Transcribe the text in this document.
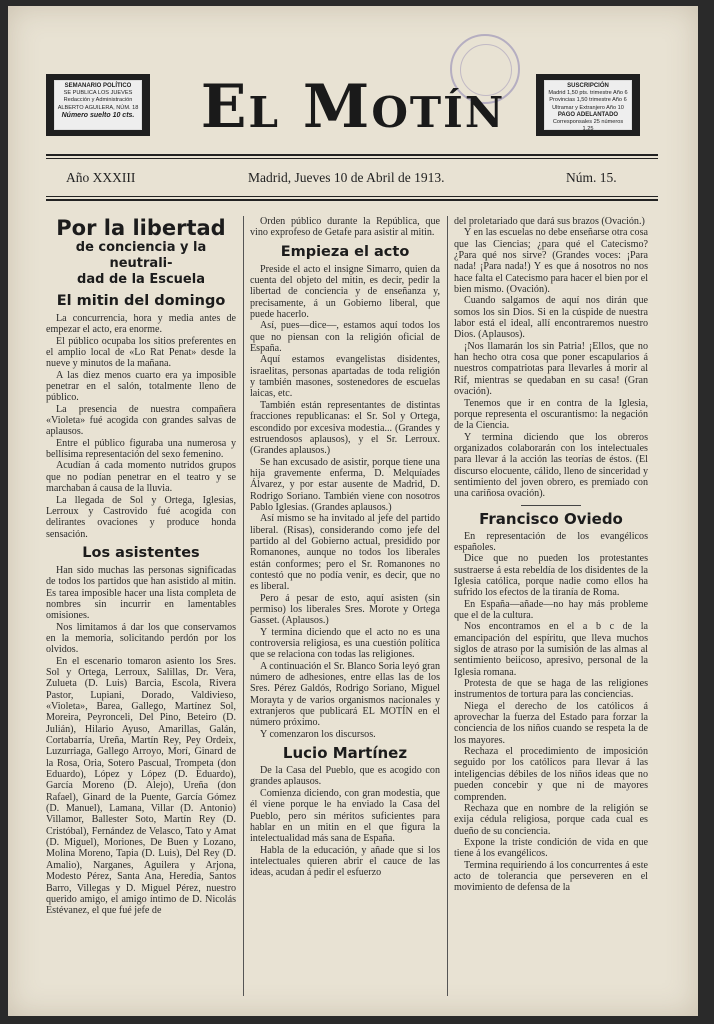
SEMANARIO POLÍTICO
SE PUBLICA LOS JUEVES
Redacción y Administración
ALBERTO AGUILERA, NÚM. 18
Número suelto 10 cts.	El Motín	SUSCRIPCIÓN
Madrid 1,50 pts. trimestre Año 6
Provincias 1,50 trimestre Año 6
Ultramar y Extranjero Año 10
PAGO ADELANTADO
Corresponsales 25 números 1,25
Año XXXIII	Madrid, Jueves 10 de Abril de 1913.	Núm. 15.
Por la libertad
de conciencia y la neutrali-
dad de la Escuela
El mitin del domingo

La concurrencia, hora y media antes de empezar el acto, era enorme.

El público ocupaba los sitios preferentes en el amplio local de «Lo Rat Penat» desde la nueve y minutos de la mañana.

A las diez menos cuarto era ya imposible penetrar en el salón, totalmente lleno de público.

La presencia de nuestra compañera «Violeta» fué acogida con grandes salvas de aplausos.

Entre el público figuraba una numerosa y bellísima representación del sexo femenino.

Acudían á cada momento nutridos grupos que no podían penetrar en el teatro y se marchaban á causa de la lluvia.

La llegada de Sol y Ortega, Iglesias, Lerroux y Castrovido fué acogida con delirantes ovaciones y produce honda sensación.

Los asistentes

Han sido muchas las personas significadas de todos los partidos que han asistido al mitin. Es tarea imposible hacer una lista completa de nombres sin incurrir en lamentables omisiones.

Nos limitamos á dar los que conservamos en la memoria, solicitando perdón por los olvidos.

En el escenario tomaron asiento los Sres. Sol y Ortega, Lerroux, Salillas, Dr. Vera, Zulueta (D. Luis) Barcia, Escola, Rivera Pastor, Lupiani, Dorado, Valdivieso, «Violeta», Barea, Gallego, Martínez Sol, Moreira, Peyronceli, Del Pino, Beteiro (D. Julián), Hilario Ayuso, Amarillas, Galán, Cortabarría, Ureña, Martín Rey, Pey Ordeix, Luzurriaga, Gallego Arroyo, Morí, Ginard de la Rosa, Oria, Sotero Pascual, Trompeta (don Eduardo), López y López (D. Eduardo), García Moreno (D. Alejo), Ureña (don Rafael), Ginard de la Puente, García Gómez (D. Manuel), Lamana, Villar (D. Antonio) Villamor, Ballester Soto, Martín Rey (D. Cristóbal), Fernández de Velasco, Tato y Amat (D. Miguel), Moriones, De Buen y Lozano, Molina Moreno, Tapia (D. Luis), Del Rey (D. Amalio), Narganes, Aguilera y Arjona, Modesto Pérez, Santa Ana, Heredia, Santos Barro, Villegas y D. Miguel Pérez, nuestro querido amigo, el amigo íntimo de D. Nicolás Estévanez, el que fué jefe de

Orden público durante la República, que vino exprofeso de Getafe para asistir al mitin.

Empieza el acto

Preside el acto el insigne Simarro, quien da cuenta del objeto del mitin, es decir, pedir la libertad de conciencia y de enseñanza y, precisamente, á un Gobierno liberal, que puede hacerlo.

Así, pues—dice—, estamos aquí todos los que no piensan con la religión oficial de España.

Aquí estamos evangelistas disidentes, israelitas, personas apartadas de toda religión y también masones, sostenedores de escuelas laicas, etc.

También están representantes de distintas fracciones republicanas: el Sr. Sol y Ortega, escondido por excesiva modestia... (Grandes y estruendosos aplausos), y el Sr. Lerroux. (Grandes aplausos.)

Se han excusado de asistir, porque tiene una hija gravemente enferma, D. Melquíades Álvarez, y por estar ausente de Madrid, D. Rodrigo Soriano. También viene con nosotros Pablo Iglesias. (Grandes aplausos.)

Así mismo se ha invitado al jefe del partido liberal. (Risas), considerando como jefe del partido al del Gobierno actual, presidido por Romanones, aunque no todos los liberales están conformes; pero el Sr. Romanones no contestó que no podía venir, es decir, que no es liberal.

Pero á pesar de esto, aquí asisten (sin permiso) los liberales Sres. Morote y Ortega Gasset. (Aplausos.)

Y termina diciendo que el acto no es una controversia religiosa, es una cuestión política que se relaciona con todas las religiones.

A continuación el Sr. Blanco Soria leyó gran número de adhesiones, entre ellas las de los Sres. Pérez Galdós, Rodrigo Soriano, Miguel Morayta y de varios organismos nacionales y extranjeros que publicará EL MOTÍN en el número próximo.

Y comenzaron los discursos.

Lucio Martínez

De la Casa del Pueblo, que es acogido con grandes aplausos.

Comienza diciendo, con gran modestia, que él viene porque le ha enviado la Casa del Pueblo, pero sin méritos suficientes para hablar en un mitin en el que figura la intelectualidad más sana de España.

Habla de la educación, y añade que si los intelectuales quieren abrir el cauce de las ideas, acudan á pedir el esfuerzo

del proletariado que dará sus brazos (Ovación.)

Y en las escuelas no debe enseñarse otra cosa que las Ciencias; ¿para qué el Catecismo? ¿Para qué nos sirve? (Grandes voces: ¡Para nada! ¡Para nada!) Y es que á nosotros no nos hace falta el Catecismo para hacer el bien por el bien mismo. (Ovación).

Cuando salgamos de aquí nos dirán que somos los sin Dios. Si en la cúspide de nuestra labor está el ideal, allí encontraremos nuestro Dios. (Aplausos).

¡Nos llamarán los sin Patria! ¡Ellos, que no han hecho otra cosa que poner escapularios á nuestros compatriotas para llevarles á morir al Rif, mientras se quedaban en su casa! (Gran ovación).

Tenemos que ir en contra de la Iglesia, porque representa el oscurantismo: la negación de la Ciencia.

Y termina diciendo que los obreros organizados colaborarán con los intelectuales para llevar á la acción las teorías de éstos. (El discurso elocuente, cálido, lleno de sinceridad y sentimiento del joven obrero, es premiado con una cariñosa ovación).

Francisco Oviedo

En representación de los evangélicos españoles.

Dice que no pueden los protestantes sustraerse á esta rebeldía de los disidentes de la Iglesia católica, porque nadie como ellos ha sufrido los efectos de la tiranía de Roma.

En España—añade—no hay más probleme que el de la cultura.

Nos encontramos en el a b c de la emancipación del espíritu, que lleva muchos siglos de atraso por la sumisión de las almas al sentimiento beiicoso, apresivo, personal de la Iglesia romana.

Protesta de que se haga de las religiones instrumentos de tortura para las conciencias.

Niega el derecho de los católicos á aprovechar la fuerza del Estado para forzar la conciencia de los niños cuando se respeta la de los mayores.

Rechaza el procedimiento de imposición seguido por los católicos para llevar á las inteligencias débiles de los niños ideas que no pueden concebir y que ni de mayores comprenden.

Rechaza que en nombre de la religión se exija cédula religiosa, porque cada cual es dueño de su conciencia.

Expone la triste condición de vida en que tiene á los evangélicos.

Termina requiriendo á los concurrentes á este acto de tolerancia que perseveren en el movimiento de defensa de la
